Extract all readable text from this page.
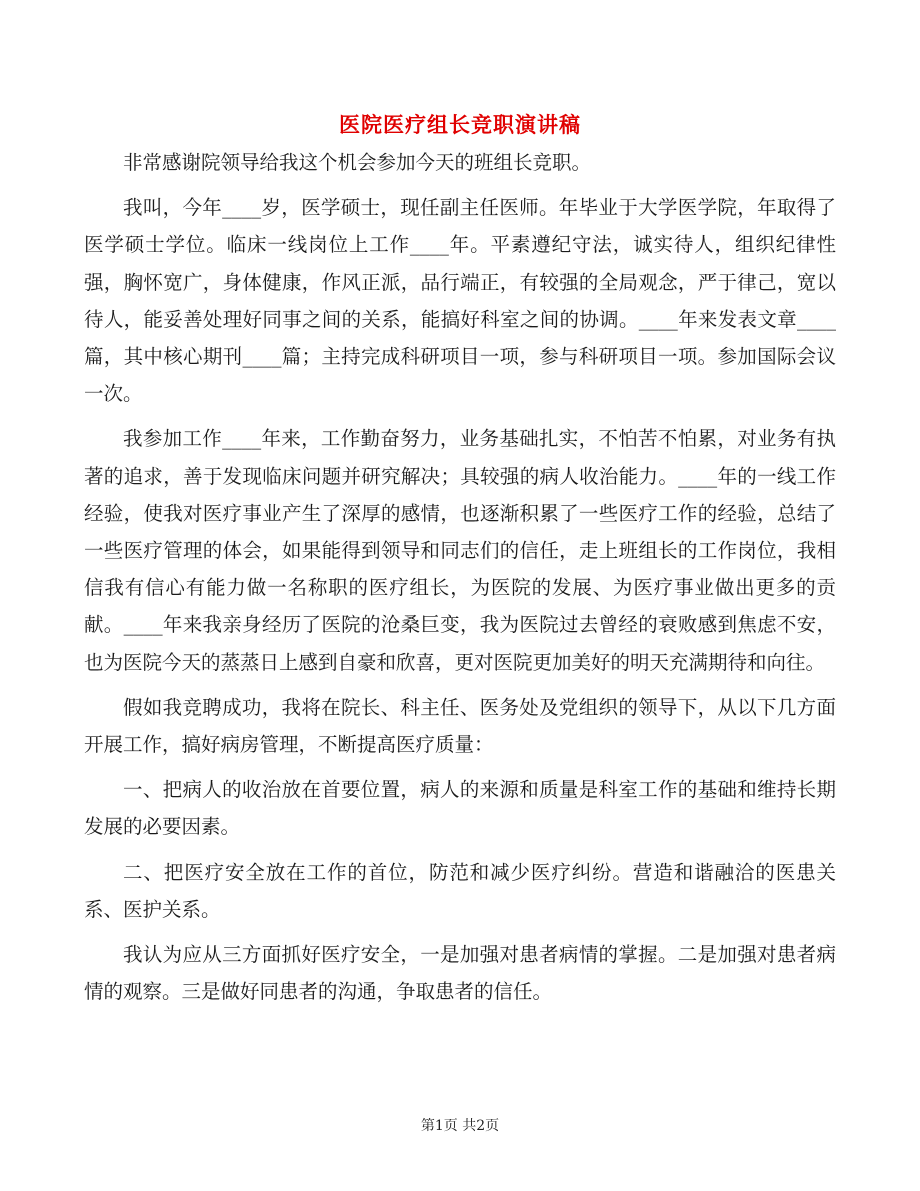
医院医疗组长竞职演讲稿

非常感谢院领导给我这个机会参加今天的班组长竞职。

我叫，今年____岁，医学硕士，现任副主任医师。年毕业于大学医学院，年取得了医学硕士学位。临床一线岗位上工作____年。平素遵纪守法，诚实待人，组织纪律性强，胸怀宽广，身体健康，作风正派，品行端正，有较强的全局观念，严于律己，宽以待人，能妥善处理好同事之间的关系，能搞好科室之间的协调。____年来发表文章____篇，其中核心期刊____篇；主持完成科研项目一项，参与科研项目一项。参加国际会议一次。

我参加工作____年来，工作勤奋努力，业务基础扎实，不怕苦不怕累，对业务有执著的追求，善于发现临床问题并研究解决；具较强的病人收治能力。____年的一线工作经验，使我对医疗事业产生了深厚的感情，也逐渐积累了一些医疗工作的经验，总结了一些医疗管理的体会，如果能得到领导和同志们的信任，走上班组长的工作岗位，我相信我有信心有能力做一名称职的医疗组长，为医院的发展、为医疗事业做出更多的贡献。____年来我亲身经历了医院的沧桑巨变，我为医院过去曾经的衰败感到焦虑不安，也为医院今天的蒸蒸日上感到自豪和欣喜，更对医院更加美好的明天充满期待和向往。

假如我竞聘成功，我将在院长、科主任、医务处及党组织的领导下，从以下几方面开展工作，搞好病房管理，不断提高医疗质量：

一、把病人的收治放在首要位置，病人的来源和质量是科室工作的基础和维持长期发展的必要因素。

二、把医疗安全放在工作的首位，防范和减少医疗纠纷。营造和谐融洽的医患关系、医护关系。

我认为应从三方面抓好医疗安全，一是加强对患者病情的掌握。二是加强对患者病情的观察。三是做好同患者的沟通，争取患者的信任。

第1页 共2页
